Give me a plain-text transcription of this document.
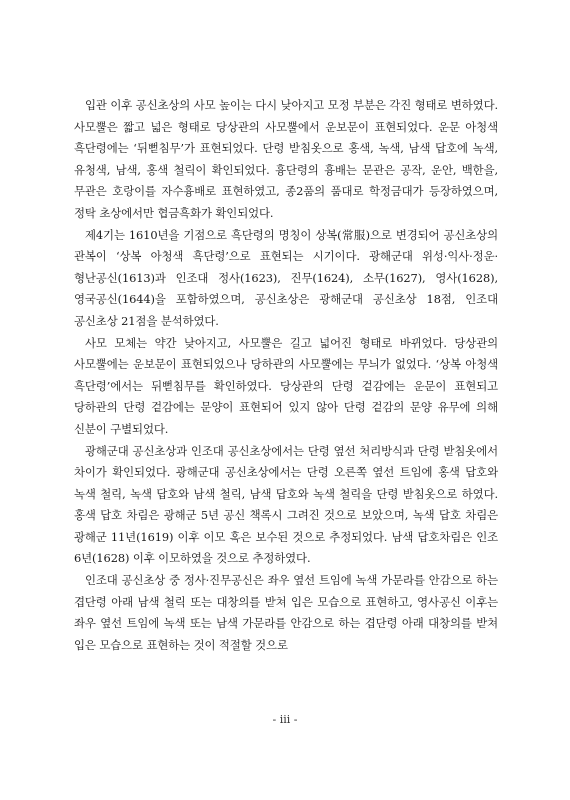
입관 이후 공신초상의 사모 높이는 다시 낮아지고 모정 부분은 각진 형태로 변하였다. 사모뿔은 짧고 넓은 형태로 당상관의 사모뿔에서 운보문이 표현되었다. 운문 아청색 흑단령에는 ‘뒤뻗침무’가 표현되었다. 단령 받침옷으로 홍색, 녹색, 남색 답호에 녹색, 유청색, 남색, 홍색 철릭이 확인되었다. 흉단령의 흉배는 문관은 공작, 운안, 백한을, 무관은 호랑이를 자수흉배로 표현하였고, 종2품의 품대로 학정금대가 등장하였으며, 정탁 초상에서만 협금흑화가 확인되었다.

제4기는 1610년을 기점으로 흑단령의 명칭이 상복(常服)으로 변경되어 공신초상의 관복이 ‘상복 아청색 흑단령’으로 표현되는 시기이다. 광해군대 위성·익사·정운·형난공신(1613)과 인조대 정사(1623), 진무(1624), 소무(1627), 영사(1628), 영국공신(1644)을 포함하였으며, 공신초상은 광해군대 공신초상 18점, 인조대 공신초상 21점을 분석하였다.

사모 모체는 약간 낮아지고, 사모뿔은 길고 넓어진 형태로 바뀌었다. 당상관의 사모뿔에는 운보문이 표현되었으나 당하관의 사모뿔에는 무늬가 없었다. ‘상복 아청색 흑단령’에서는 뒤뻗침무를 확인하였다. 당상관의 단령 겉감에는 운문이 표현되고 당하관의 단령 겉감에는 문양이 표현되어 있지 않아 단령 겉감의 문양 유무에 의해 신분이 구별되었다.

광해군대 공신초상과 인조대 공신초상에서는 단령 옆선 처리방식과 단령 받침옷에서 차이가 확인되었다. 광해군대 공신초상에서는 단령 오른쪽 옆선 트임에 홍색 답호와 녹색 철릭, 녹색 답호와 남색 철릭, 남색 답호와 녹색 철릭을 단령 받침옷으로 하였다. 홍색 답호 차림은 광해군 5년 공신 책록시 그려진 것으로 보았으며, 녹색 답호 차림은 광해군 11년(1619) 이후 이모 혹은 보수된 것으로 추정되었다. 남색 답호차림은 인조 6년(1628) 이후 이모하였을 것으로 추정하였다.

인조대 공신초상 중 정사·진무공신은 좌우 옆선 트임에 녹색 가문라를 안감으로 하는 겹단령 아래 남색 철릭 또는 대창의를 받쳐 입은 모습으로 표현하고, 영사공신 이후는 좌우 옆선 트임에 녹색 또는 남색 가문라를 안감으로 하는 겹단령 아래 대창의를 받쳐 입은 모습으로 표현하는 것이 적절할 것으로

- iii -
